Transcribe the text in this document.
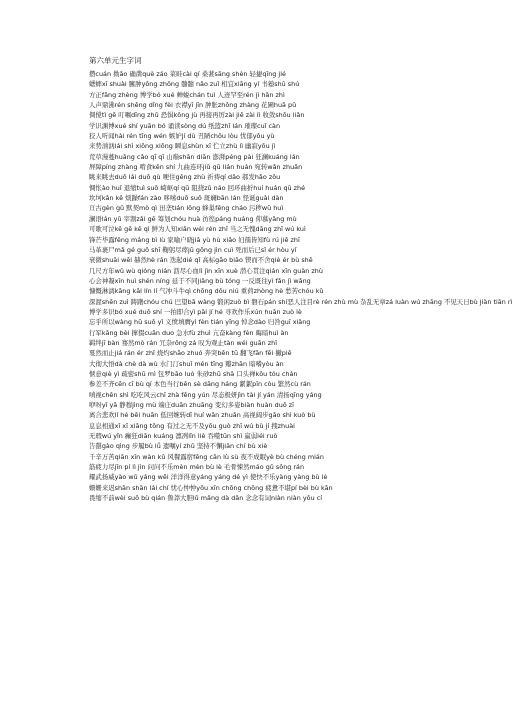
第六单元生字词
攒cuán 拗ǎo 确凿què záo 菜畦cài qí 桑葚sāng shèn 轻捷qīng jié
蟋蟀xī shuài 臃肿yōng zhǒng 髓髓 nǎo zuǐ 相宜xiāng yí 书塾shū shú
方正fāng zhèng 博学bó xué 蝉蜕chán tuì 人迹罕至rén jì hǎn zhì
人声鼎沸rén shēng dǐng fèi 衣襟yī jīn 肿胀zhǒng zhàng 花圃huā pǔ
倜傥tì gē 叮嘱dīng zhǔ 恐惧kǒng jù 再接再厉zài jiē zài lì 收敛shōu liǎn
学识渊博xué shí yuān bó 诵读sòng dú 纸篮zhǐ lán 璀璨cuǐ càn
狡人听闻hài rén tīng wén 嫉妒jí dù 丑陋chǒu lòu 忧郁yōu yù
来势汹汹lái shì xiōng xiōng 瞬息shùn xī 伫立zhù lì 幽寂yōu jì
荒草漫蔓huāng cǎo qī qī 山巅shān diān 澎湃péng pài 狂澜kuáng lán
屏障píng zhàng 啃食kěn shí 九曲连环jiǔ qū lián huán 宛转wǎn zhuǎn
眺来眺去duō lái duō qù 哽住gěng zhù 祈祷qí dǎo 郝发hǎo zǒu
惆怅ào huǐ 退缩tuì suō 崎岖qí qū 阻挠zǔ náo 回环曲折huí huán qū zhé
坎坷kǎn kě 烦躁fán zào 哆嗦duō suō 斑斓bān lán 怪诞guài dàn
亘古gèn gǔ 默契mò qì 田垄tián lǒng 蜂巢fēng cháo 污秽wū huì
澜语lán yǔ 宰割zǎi gē 筹划chóu huà 彷徨páng huáng 仰慕yǎng mù
可歌可泣kě gē kě qì 鲜为人知xiǎn wéi rén zhī 当之无愧dāng zhī wú kuì
锋芒毕露fēng máng bì lù 家喻户晓jiā yù hù xiǎo 妇孺皆知fù rú jiē zhī
马革裹尸mǎ gé guǒ shī 鞠躬尽瘁jū gōng jìn cuì 死而后已sǐ ér hòu yǐ
衰微shuāi wēi 赫然hè rán 迭起dié qǐ 高标gāo biāo 锲而不舍qiè ér bù shě
几尺方年wǔ wù qióng nián 沥尽心血lì jìn xīn xuè 潜心贯注qián xīn guàn zhù
心会神凝xīn huì shén níng 延于不同jiǎng bù tóng 一反既往yì fǎn jì wǎng
慷慨淋漓kāng kǎi lín lí 气冲斗牛qì chōng dǒu niú 重荷zhòng hè 愁苦chóu kǔ
深渥shēn zuì 踌躇chóu chú 巴望bā wàng 锻闲zuò bì 磐石pán shí恶人注目rè rén zhù mù 杂乱无章zá luàn wú zhāng 不见天日bù jiàn tiān rì
博学多识bó xué duō shí 一拍即合yì pāi jí hé 寻欢作乐xún huān zuò lè
忘乎所以wàng hū suǒ yǐ 义愤填膺yì fèn tián yīng 悼念dào 归咎guī xiǎng
行军kāng bèi 撺掇cuān duo 急水fù zhuì 亢奋kàng fèn 晦暗huì àn
羁绊jī bàn 骞然mò rán 冗杂rǒng zá 叹为观止tàn wéi guān zhǐ
戛然而止jiá rán ér zhǐ 烧灼shāo zhuó 奔突bēn tū 翻飞fān fēi 撇piē
大彻大悟dà chè dà wù 水门汀shuǐ mén tīng 瓣zhān 暗嗜yòu àn
惬意qiè yì 疏密shū mì 包罗bāo luó 朱砂zhū shā 口头禅kǒu tóu chán
参差不齐cēn cī bù qí 本色当行běn sè dāng háng 絮絮pīn còu 繁然cù rán
嗔视chēn shì 吃吃风云chī zhà fēng yún 尽态极妍jìn tài jí yán 清扬qīng yáng
咿呀yī yā 静穆jìng mù 端庄duān zhuāng 变幻多姿biàn huàn duō zī
离合悲欢lí hé bēi huān 低回婉转dī huí wǎn zhuǎn 高视阔步gāo shì kuò bù
息息相通xī xī xiāng tōng 有过之无不及yǒu guò zhī wú bù jí 拽zhuài
无瑕wú yǐn 癫狂diān kuáng 凛冽lǐn liè 吞噬tūn shì 羸弱léi ruò
告罄gào qìng 步履bù lǚ 遗嘱yí zhǔ 坚持不懈jiān chí bù xiè
千辛万苦qiān xīn wàn kǔ 风餐露宿fēng cān lù sù 夜不成眠yè bù chéng mián
筋疲力尽jīn pí lì jìn 问问不乐mèn mèn bù lè 毛骨悚然máo gǔ sǒng rán
耀武扬威yào wǔ yáng wēi 洋洋得意yáng yáng dé yì 使快不乐yàng yàng bù lè
姗姗来迟shān shān lái chí 忧心忡忡yōu xīn chōng chōng 疲惫不堪pí bèi bù kān
畏缩不前wèi suō bù qián 鲁莽大胆lǔ mǎng dà dǎn 念念有词niàn niàn yǒu cí
